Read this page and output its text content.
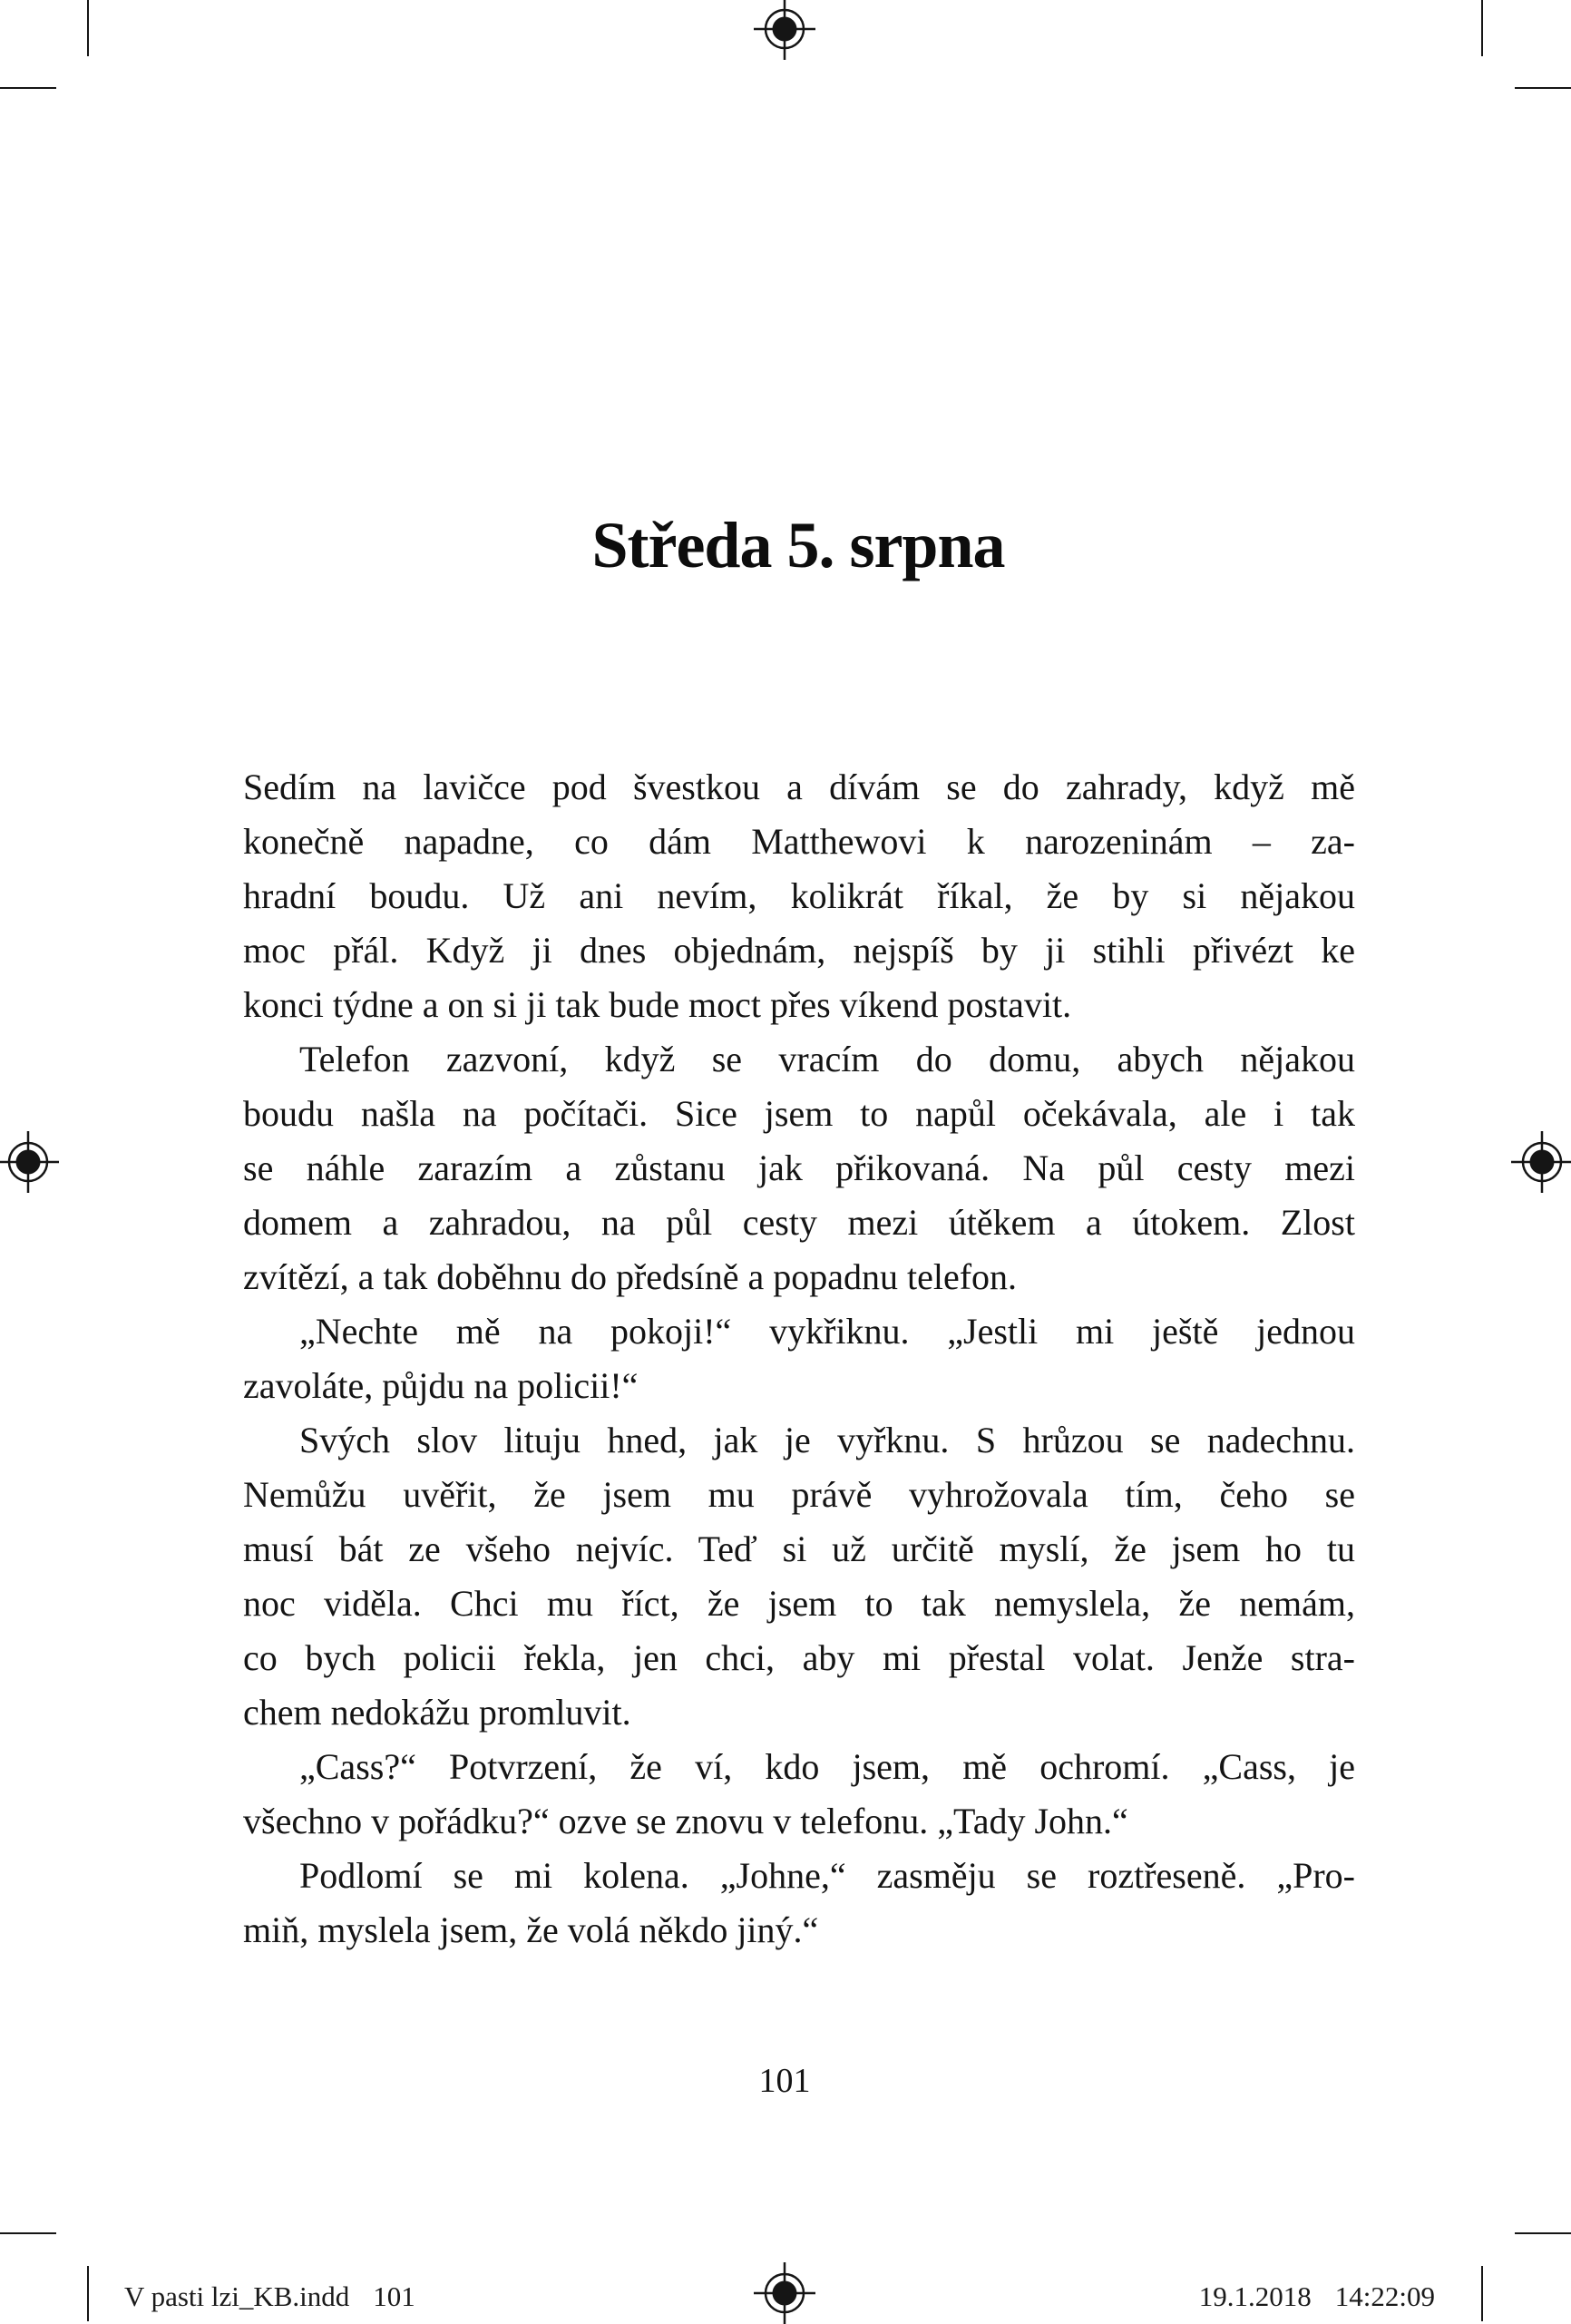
Středa 5. srpna
Sedím na lavičce pod švestkou a dívám se do zahrady, když mě
konečně napadne, co dám Matthewovi k narozeninám – za-
hradní boudu. Už ani nevím, kolikrát říkal, že by si nějakou
moc přál. Když ji dnes objednám, nejspíš by ji stihli přivézt ke
konci týdne a on si ji tak bude moct přes víkend postavit.
Telefon zazvoní, když se vracím do domu, abych nějakou
boudu našla na počítači. Sice jsem to napůl očekávala, ale i tak
se náhle zarazím a zůstanu jak přikovaná. Na půl cesty mezi
domem a zahradou, na půl cesty mezi útěkem a útokem. Zlost
zvítězí, a tak doběhnu do předsíně a popadnu telefon.
„Nechte mě na pokoji!“ vykřiknu. „Jestli mi ještě jednou
zavoláte, půjdu na policii!“
Svých slov lituju hned, jak je vyřknu. S hrůzou se nadechnu.
Nemůžu uvěřit, že jsem mu právě vyhrožovala tím, čeho se
musí bát ze všeho nejvíc. Teď si už určitě myslí, že jsem ho tu
noc viděla. Chci mu říct, že jsem to tak nemyslela, že nemám,
co bych policii řekla, jen chci, aby mi přestal volat. Jenže stra-
chem nedokážu promluvit.
„Cass?“ Potvrzení, že ví, kdo jsem, mě ochromí. „Cass, je
všechno v pořádku?“ ozve se znovu v telefonu. „Tady John.“
Podlomí se mi kolena. „Johne,“ zasměju se roztřeseně. „Pro-
miň, myslela jsem, že volá někdo jiný.“
101
V pasti lzi_KB.indd 101	19.1.2018 14:22:09
